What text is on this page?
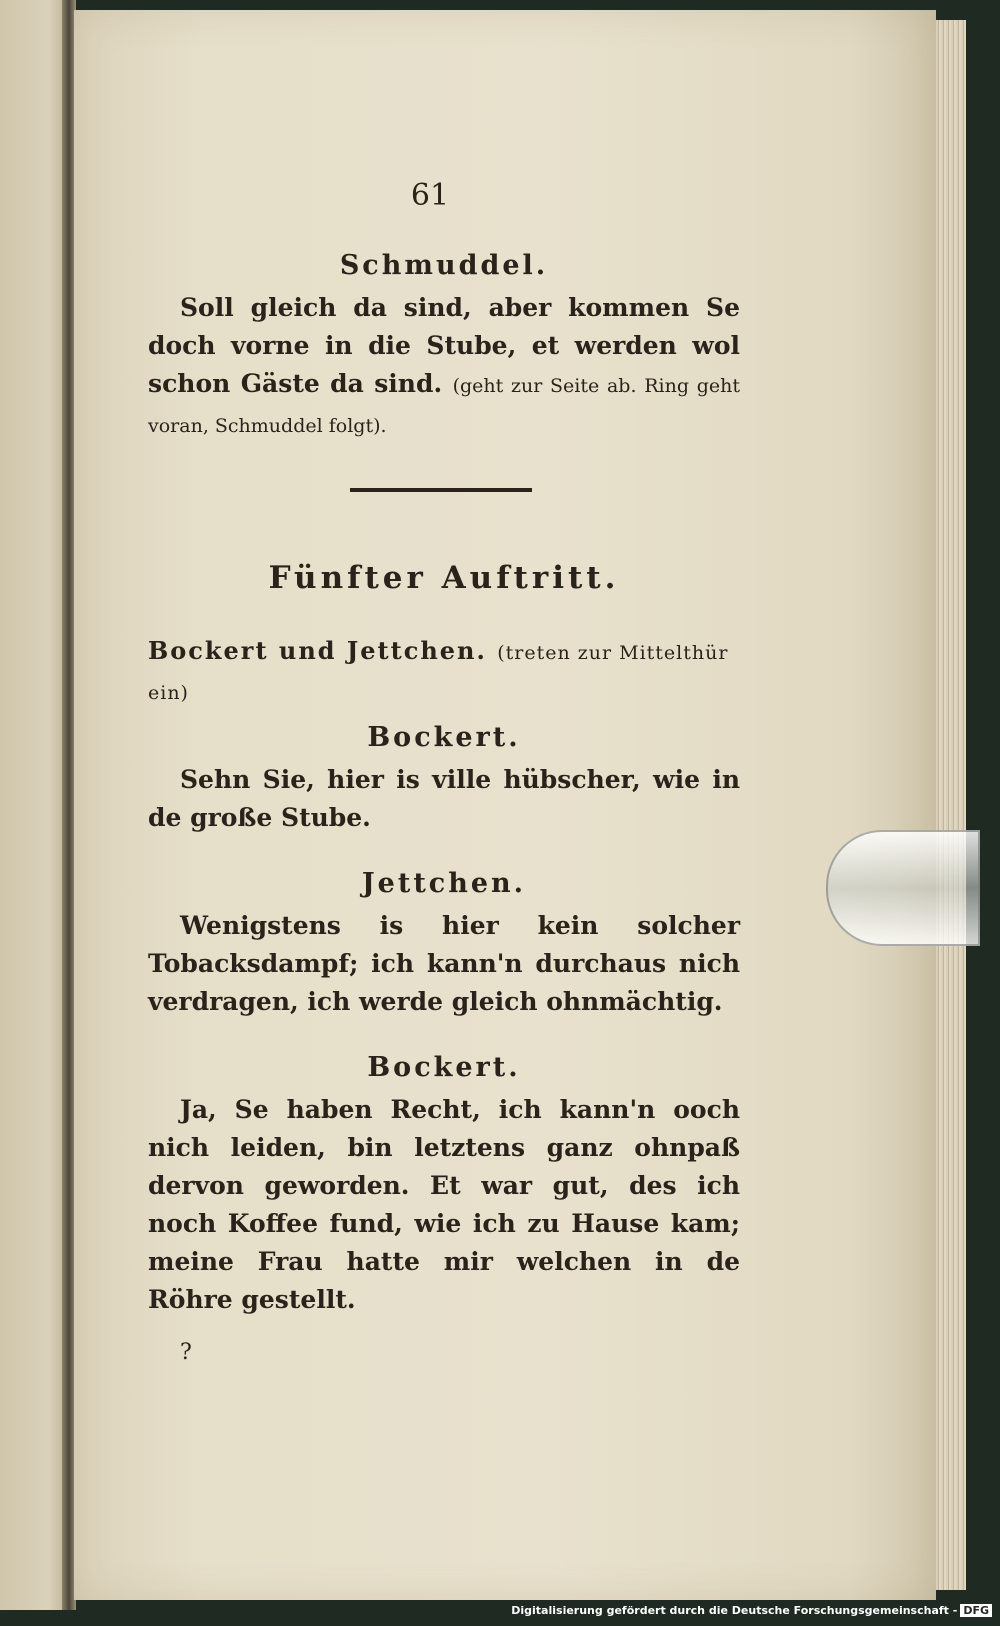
61
Schmuddel.
Soll gleich da sind, aber kommen Se doch vorne in die Stube, et werden wol schon Gäste da sind. (geht zur Seite ab. Ring geht voran, Schmuddel folgt).
Fünfter Auftritt.
Bockert und Jettchen. (treten zur Mittelthür ein)
Bockert.
Sehn Sie, hier is ville hübscher, wie in de große Stube.
Jettchen.
Wenigstens is hier kein solcher Tobacksdampf; ich kann'n durchaus nich verdragen, ich werde gleich ohnmächtig.
Bockert.
Ja, Se haben Recht, ich kann'n ooch nich leiden, bin letztens ganz ohnpaß dervon geworden. Et war gut, des ich noch Koffee fund, wie ich zu Hause kam; meine Frau hatte mir welchen in de Röhre gestellt.
?
Digitalisierung gefördert durch die Deutsche Forschungsgemeinschaft - DFG
